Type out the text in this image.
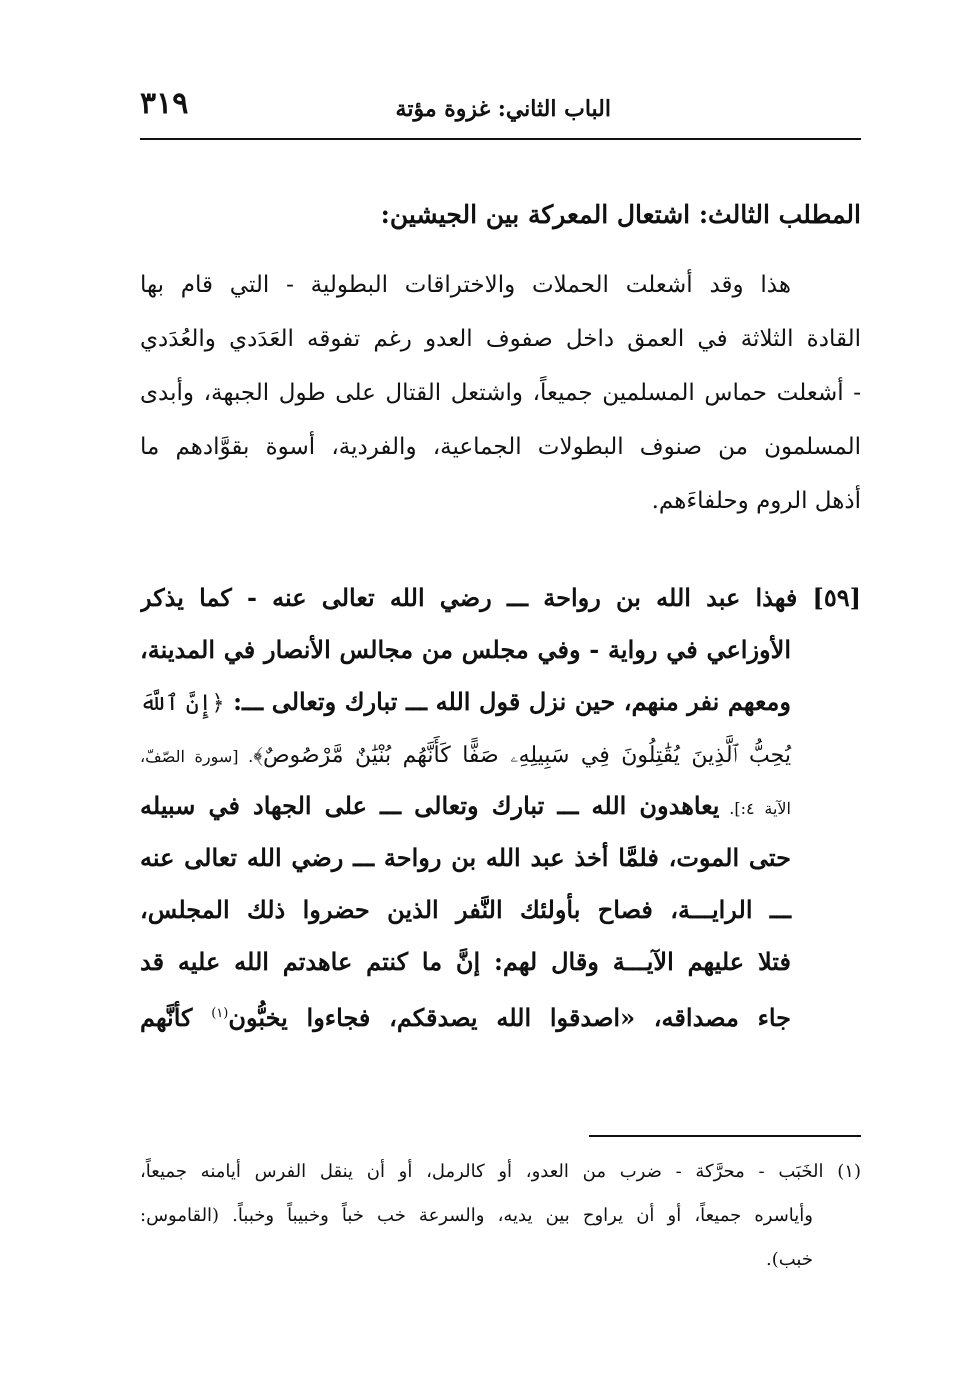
٣١٩	الباب الثاني: غزوة مؤتة
المطلب الثالث: اشتعال المعركة بين الجيشين:
هذا وقد أشعلت الحملات والاختراقات البطولية - التي قام بها
القادة الثلاثة في العمق داخل صفوف العدو رغم تفوقه العَدَدي والعُدَدي
- أشعلت حماس المسلمين جميعاً، واشتعل القتال على طول الجبهة، وأبدى
المسلمون من صنوف البطولات الجماعية، والفردية، أسوة بقوَّادهم ما
أذهل الروم وحلفاءَهم.
[٥٩] فهذا عبد الله بن رواحة ـــ رضي الله تعالى عنه - كما يذكر
الأوزاعي في رواية - وفي مجلس من مجالس الأنصار في المدينة،
ومعهم نفر منهم، حين نزل قول الله ـــ تبارك وتعالى ـــ: ﴿إِنَّ ٱللَّهَ
يُحِبُّ ٱلَّذِينَ يُقَٰتِلُونَ فِي سَبِيلِهِۦ صَفًّا كَأَنَّهُم بُنْيَٰنٌ مَّرْصُوصٌ﴾. [سورة الصّفّ،
الآية ٤:]. يعاهدون الله ـــ تبارك وتعالى ـــ على الجهاد في سبيله
حتى الموت، فلمَّا أخذ عبد الله بن رواحة ـــ رضي الله تعالى عنه
ـــ الرايـــة، فصاح بأولئك النَّفر الذين حضروا ذلك المجلس،
فتلا عليهم الآيـــة وقال لهم: إنَّ ما كنتم عاهدتم الله عليه قد
جاء مصداقه، «اصدقوا الله يصدقكم، فجاءوا يخبُّون$^{(١)}$ كأنَّهم
(١) الخَبَب - محرَّكة - ضرب من العدو، أو كالرمل، أو أن ينقل الفرس أيامنه جميعاً،
وأياسره جميعاً، أو أن يراوح بين يديه، والسرعة خب خباً وخبيباً وخبباً. (القاموس:
خبب).
